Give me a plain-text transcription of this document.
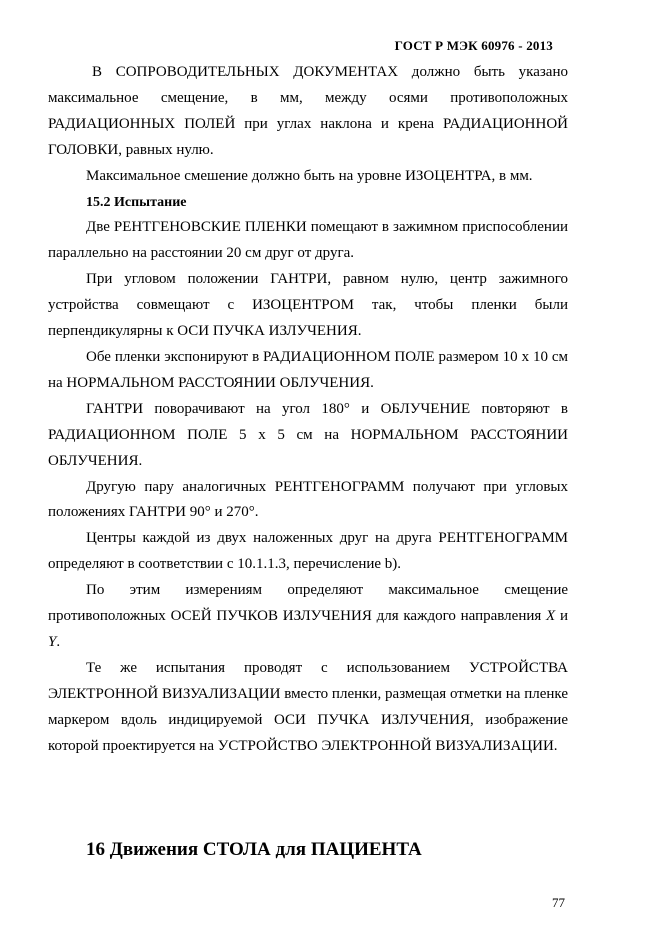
ГОСТ Р МЭК 60976 - 2013

В СОПРОВОДИТЕЛЬНЫХ ДОКУМЕНТАХ должно быть указано максимальное смещение, в мм, между осями противоположных РАДИАЦИОННЫХ ПОЛЕЙ при углах наклона и крена РАДИАЦИОННОЙ ГОЛОВКИ, равных нулю.

Максимальное смешение должно быть на уровне ИЗОЦЕНТРА, в мм.

15.2 Испытание

Две РЕНТГЕНОВСКИЕ ПЛЕНКИ помещают в зажимном приспособлении параллельно на расстоянии 20 см друг от друга.

При угловом положении ГАНТРИ, равном нулю, центр зажимного устройства совмещают с ИЗОЦЕНТРОМ так, чтобы пленки были перпендикулярны к ОСИ ПУЧКА ИЗЛУЧЕНИЯ.

Обе пленки экспонируют в РАДИАЦИОННОМ ПОЛЕ размером 10 х 10 см на НОРМАЛЬНОМ РАССТОЯНИИ ОБЛУЧЕНИЯ.

ГАНТРИ поворачивают на угол 180° и ОБЛУЧЕНИЕ повторяют в РАДИАЦИОННОМ ПОЛЕ 5 х 5 см на НОРМАЛЬНОМ РАССТОЯНИИ ОБЛУЧЕНИЯ.

Другую пару аналогичных РЕНТГЕНОГРАММ получают при угловых положениях ГАНТРИ 90° и 270°.

Центры каждой из двух наложенных друг на друга РЕНТГЕНОГРАММ определяют в соответствии с 10.1.1.3, перечисление b).

По этим измерениям определяют максимальное смещение противоположных ОСЕЙ ПУЧКОВ ИЗЛУЧЕНИЯ для каждого направления X и Y.

Те же испытания проводят с использованием УСТРОЙСТВА ЭЛЕКТРОННОЙ ВИЗУАЛИЗАЦИИ вместо пленки, размещая отметки на пленке маркером вдоль индицируемой ОСИ ПУЧКА ИЗЛУЧЕНИЯ, изображение которой проектируется на УСТРОЙСТВО ЭЛЕКТРОННОЙ ВИЗУАЛИЗАЦИИ.

16 Движения СТОЛА для ПАЦИЕНТА
77
